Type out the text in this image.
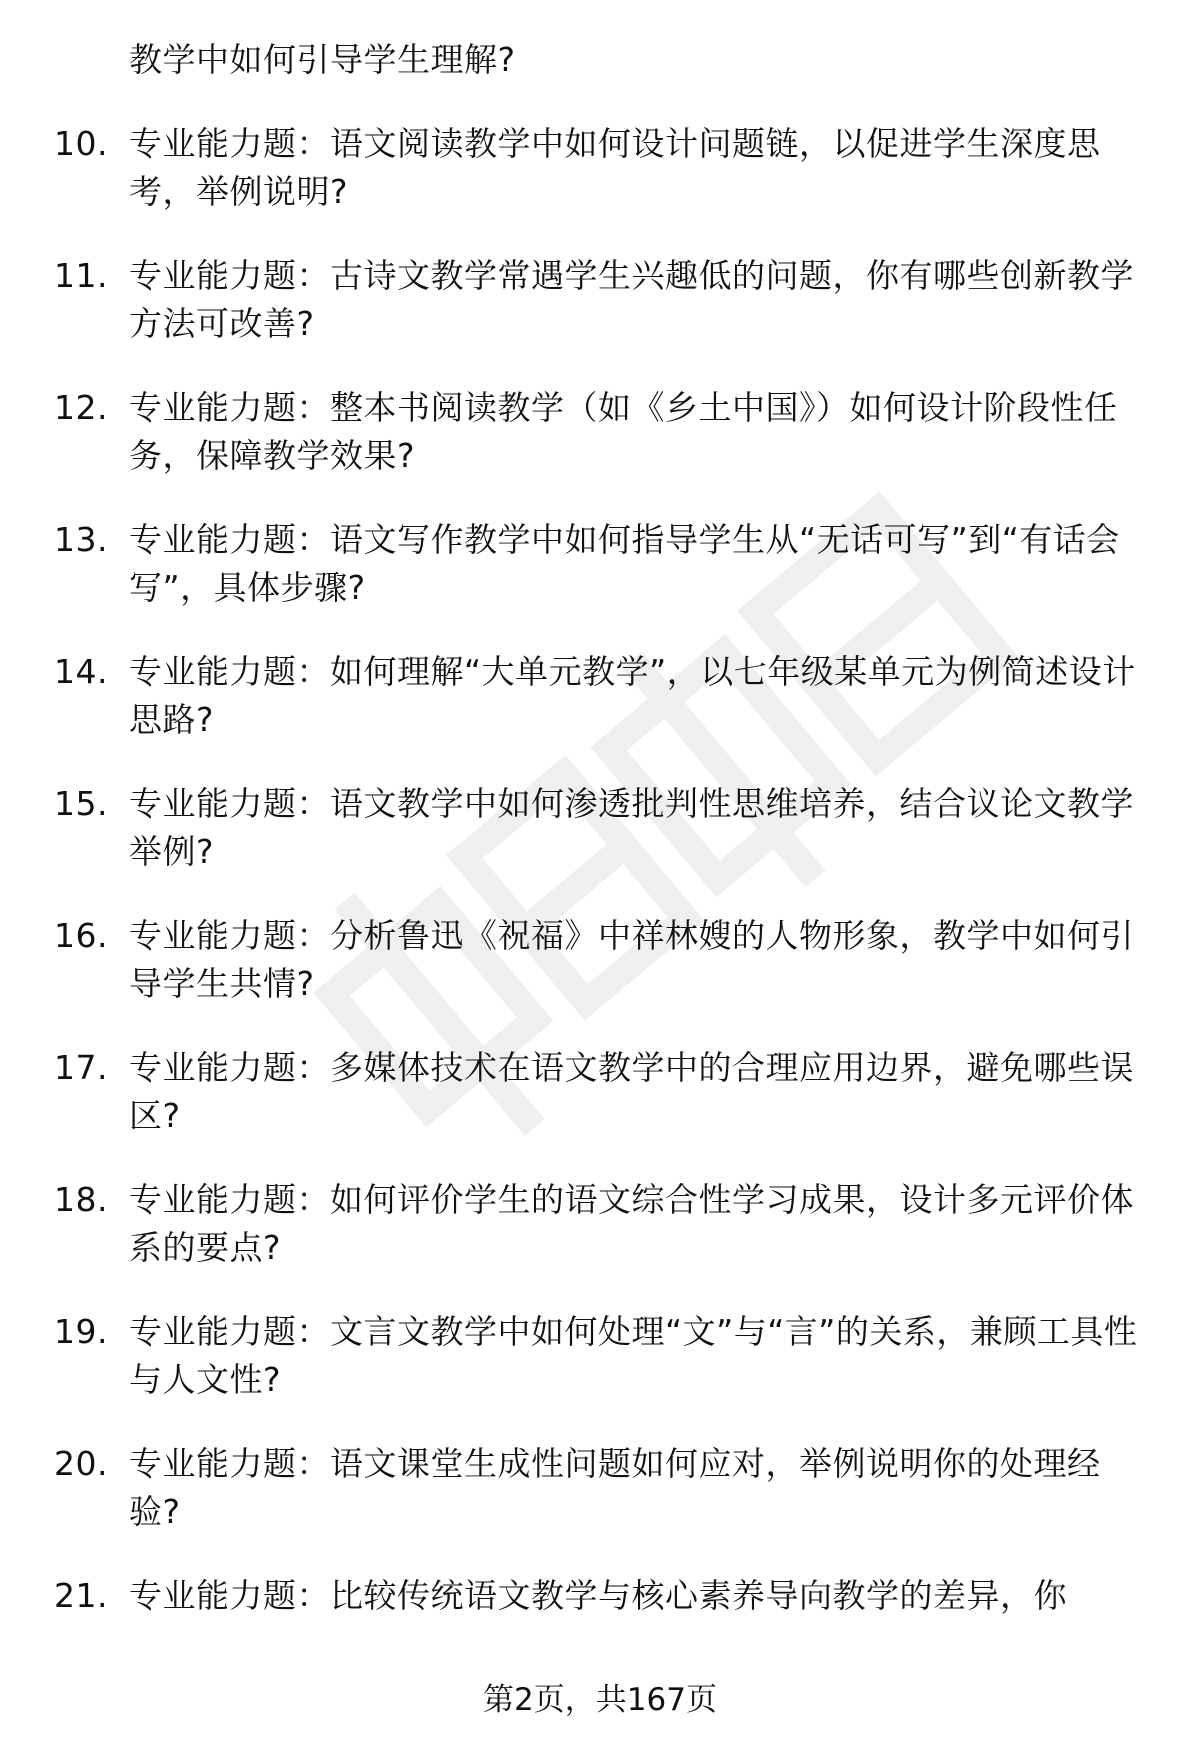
教学中如何引导学生理解?
10. 专业能力题：语文阅读教学中如何设计问题链，以促进学生深度思考，举例说明?
11. 专业能力题：古诗文教学常遇学生兴趣低的问题，你有哪些创新教学方法可改善?
12. 专业能力题：整本书阅读教学（如《乡土中国》）如何设计阶段性任务，保障教学效果?
13. 专业能力题：语文写作教学中如何指导学生从“无话可写”到“有话会写”，具体步骤?
14. 专业能力题：如何理解“大单元教学”，以七年级某单元为例简述设计思路?
15. 专业能力题：语文教学中如何渗透批判性思维培养，结合议论文教学举例?
16. 专业能力题：分析鲁迅《祝福》中祥林嫂的人物形象，教学中如何引导学生共情?
17. 专业能力题：多媒体技术在语文教学中的合理应用边界，避免哪些误区?
18. 专业能力题：如何评价学生的语文综合性学习成果，设计多元评价体系的要点?
19. 专业能力题：文言文教学中如何处理“文”与“言”的关系，兼顾工具性与人文性?
20. 专业能力题：语文课堂生成性问题如何应对，举例说明你的处理经验?
21. 专业能力题：比较传统语文教学与核心素养导向教学的差异，你
第2页，共167页
